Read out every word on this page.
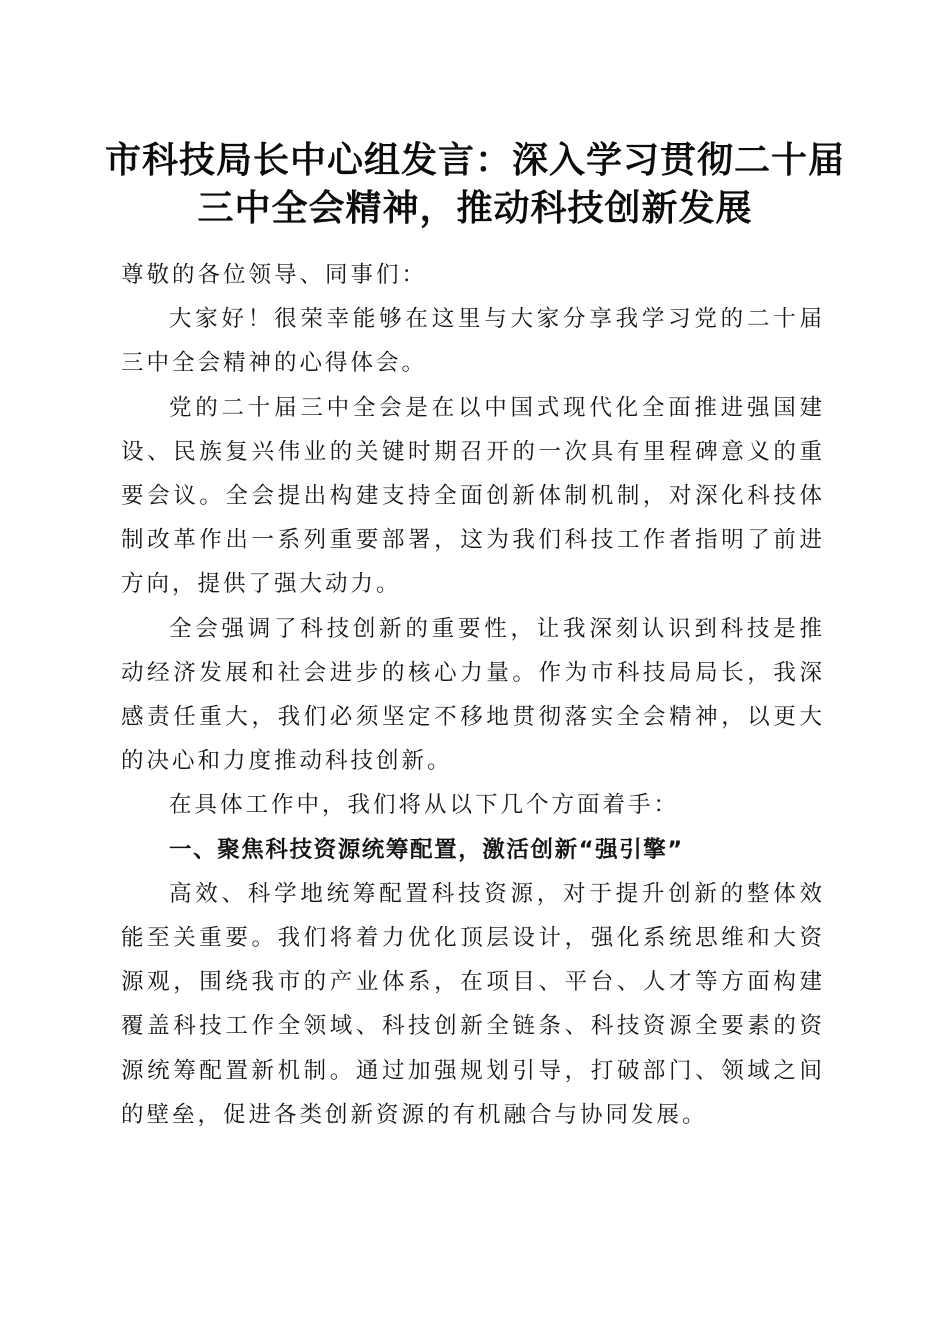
市科技局长中心组发言：深入学习贯彻二十届
三中全会精神，推动科技创新发展

尊敬的各位领导、同事们：

大家好！很荣幸能够在这里与大家分享我学习党的二十届三中全会精神的心得体会。

党的二十届三中全会是在以中国式现代化全面推进强国建设、民族复兴伟业的关键时期召开的一次具有里程碑意义的重要会议。全会提出构建支持全面创新体制机制，对深化科技体制改革作出一系列重要部署，这为我们科技工作者指明了前进方向，提供了强大动力。

全会强调了科技创新的重要性，让我深刻认识到科技是推动经济发展和社会进步的核心力量。作为市科技局局长，我深感责任重大，我们必须坚定不移地贯彻落实全会精神，以更大的决心和力度推动科技创新。

在具体工作中，我们将从以下几个方面着手：

一、聚焦科技资源统筹配置，激活创新“强引擎”

高效、科学地统筹配置科技资源，对于提升创新的整体效能至关重要。我们将着力优化顶层设计，强化系统思维和大资源观，围绕我市的产业体系，在项目、平台、人才等方面构建覆盖科技工作全领域、科技创新全链条、科技资源全要素的资源统筹配置新机制。通过加强规划引导，打破部门、领域之间的壁垒，促进各类创新资源的有机融合与协同发展。
